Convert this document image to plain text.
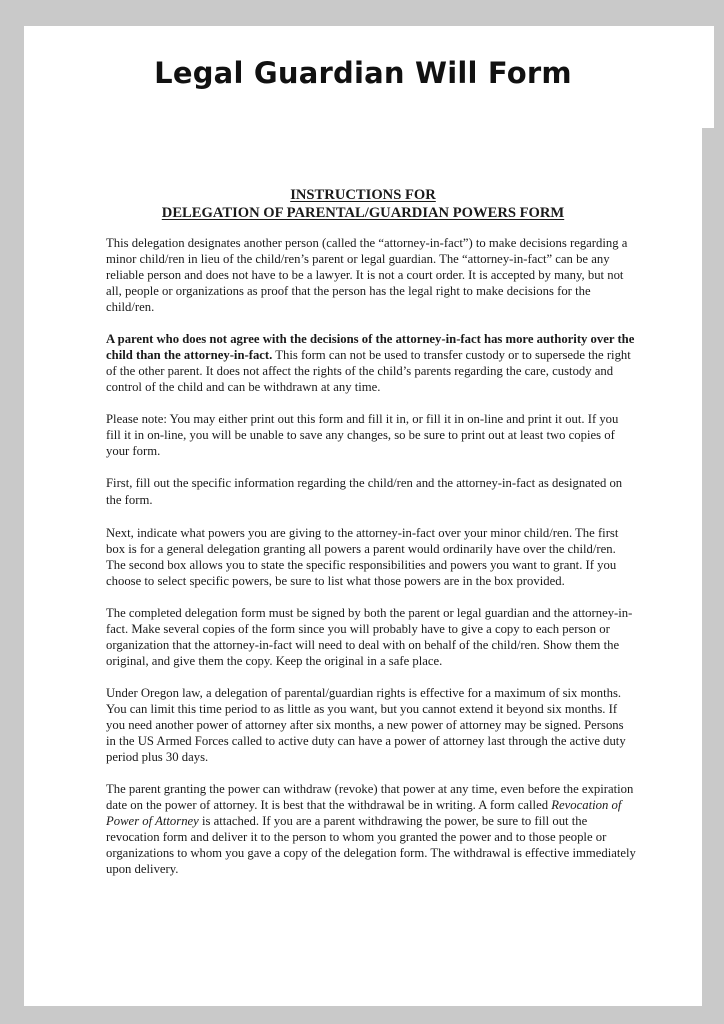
Legal Guardian Will Form
INSTRUCTIONS FOR
DELEGATION OF PARENTAL/GUARDIAN POWERS FORM

This delegation designates another person (called the “attorney-in-fact”) to make decisions regarding a minor child/ren in lieu of the child/ren’s parent or legal guardian. The “attorney-in-fact” can be any reliable person and does not have to be a lawyer. It is not a court order. It is accepted by many, but not all, people or organizations as proof that the person has the legal right to make decisions for the child/ren.

A parent who does not agree with the decisions of the attorney-in-fact has more authority over the child than the attorney-in-fact. This form can not be used to transfer custody or to supersede the right of the other parent. It does not affect the rights of the child’s parents regarding the care, custody and control of the child and can be withdrawn at any time.

Please note: You may either print out this form and fill it in, or fill it in on-line and print it out. If you fill it in on-line, you will be unable to save any changes, so be sure to print out at least two copies of your form.

First, fill out the specific information regarding the child/ren and the attorney-in-fact as designated on the form.

Next, indicate what powers you are giving to the attorney-in-fact over your minor child/ren. The first box is for a general delegation granting all powers a parent would ordinarily have over the child/ren. The second box allows you to state the specific responsibilities and powers you want to grant. If you choose to select specific powers, be sure to list what those powers are in the box provided.

The completed delegation form must be signed by both the parent or legal guardian and the attorney-in-fact. Make several copies of the form since you will probably have to give a copy to each person or organization that the attorney-in-fact will need to deal with on behalf of the child/ren. Show them the original, and give them the copy. Keep the original in a safe place.

Under Oregon law, a delegation of parental/guardian rights is effective for a maximum of six months. You can limit this time period to as little as you want, but you cannot extend it beyond six months. If you need another power of attorney after six months, a new power of attorney may be signed. Persons in the US Armed Forces called to active duty can have a power of attorney last through the active duty period plus 30 days.

The parent granting the power can withdraw (revoke) that power at any time, even before the expiration date on the power of attorney. It is best that the withdrawal be in writing. A form called Revocation of Power of Attorney is attached. If you are a parent withdrawing the power, be sure to fill out the revocation form and deliver it to the person to whom you granted the power and to those people or organizations to whom you gave a copy of the delegation form. The withdrawal is effective immediately upon delivery.
